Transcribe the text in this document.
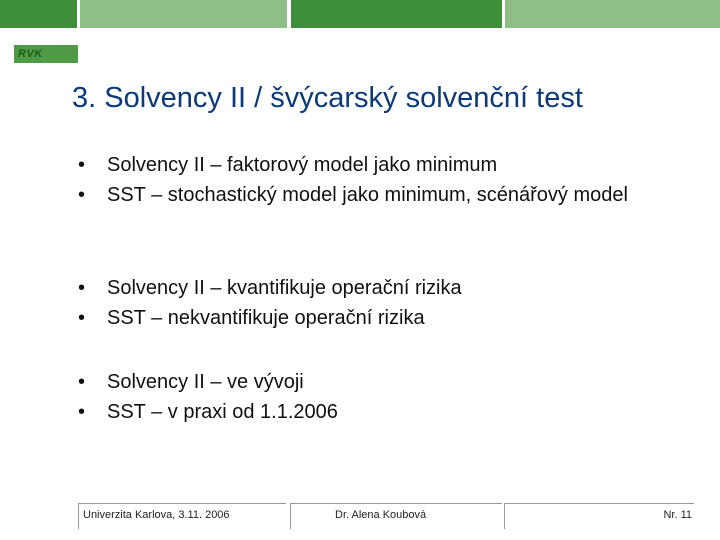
RVK
3. Solvency II / švýcarský solvenční test
• Solvency II – faktorový model jako minimum
• SST – stochastický model jako minimum, scénářový model
• Solvency II – kvantifikuje operační rizika
• SST – nekvantifikuje operační rizika
• Solvency II – ve vývoji
• SST – v praxi od 1.1.2006
Univerzita Karlova, 3.11. 2006	Dr. Alena Koubová	Nr. 11
